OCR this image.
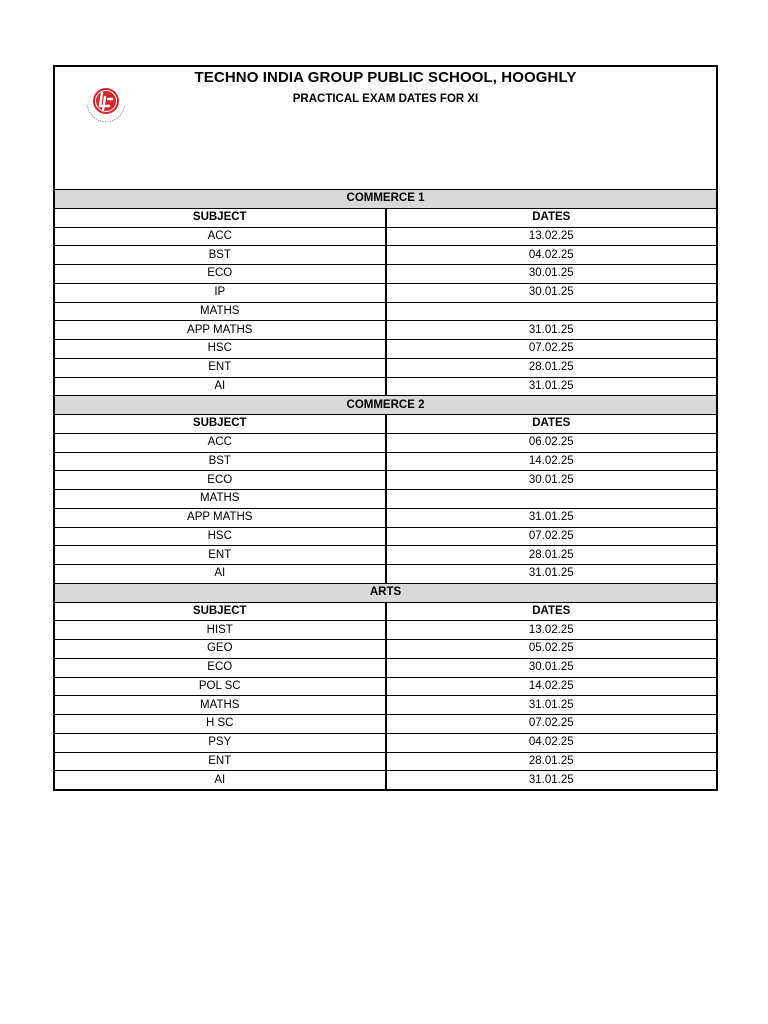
TECHNO INDIA GROUP PUBLIC SCHOOL, HOOGHLY
PRACTICAL EXAM DATES FOR XI
COMMERCE 1	
SUBJECT	DATES
ACC	13.02.25
BST	04.02.25
ECO	30.01.25
IP	30.01.25
MATHS	
APP MATHS	31.01.25
HSC	07.02.25
ENT	28.01.25
AI	31.01.25
COMMERCE 2	
SUBJECT	DATES
ACC	06.02.25
BST	14.02.25
ECO	30.01.25
MATHS	
APP MATHS	31.01.25
HSC	07.02.25
ENT	28.01.25
AI	31.01.25
ARTS	
SUBJECT	DATES
HIST	13.02.25
GEO	05.02.25
ECO	30.01.25
POL SC	14.02.25
MATHS	31.01.25
H SC	07.02.25
PSY	04.02.25
ENT	28.01.25
AI	31.01.25
